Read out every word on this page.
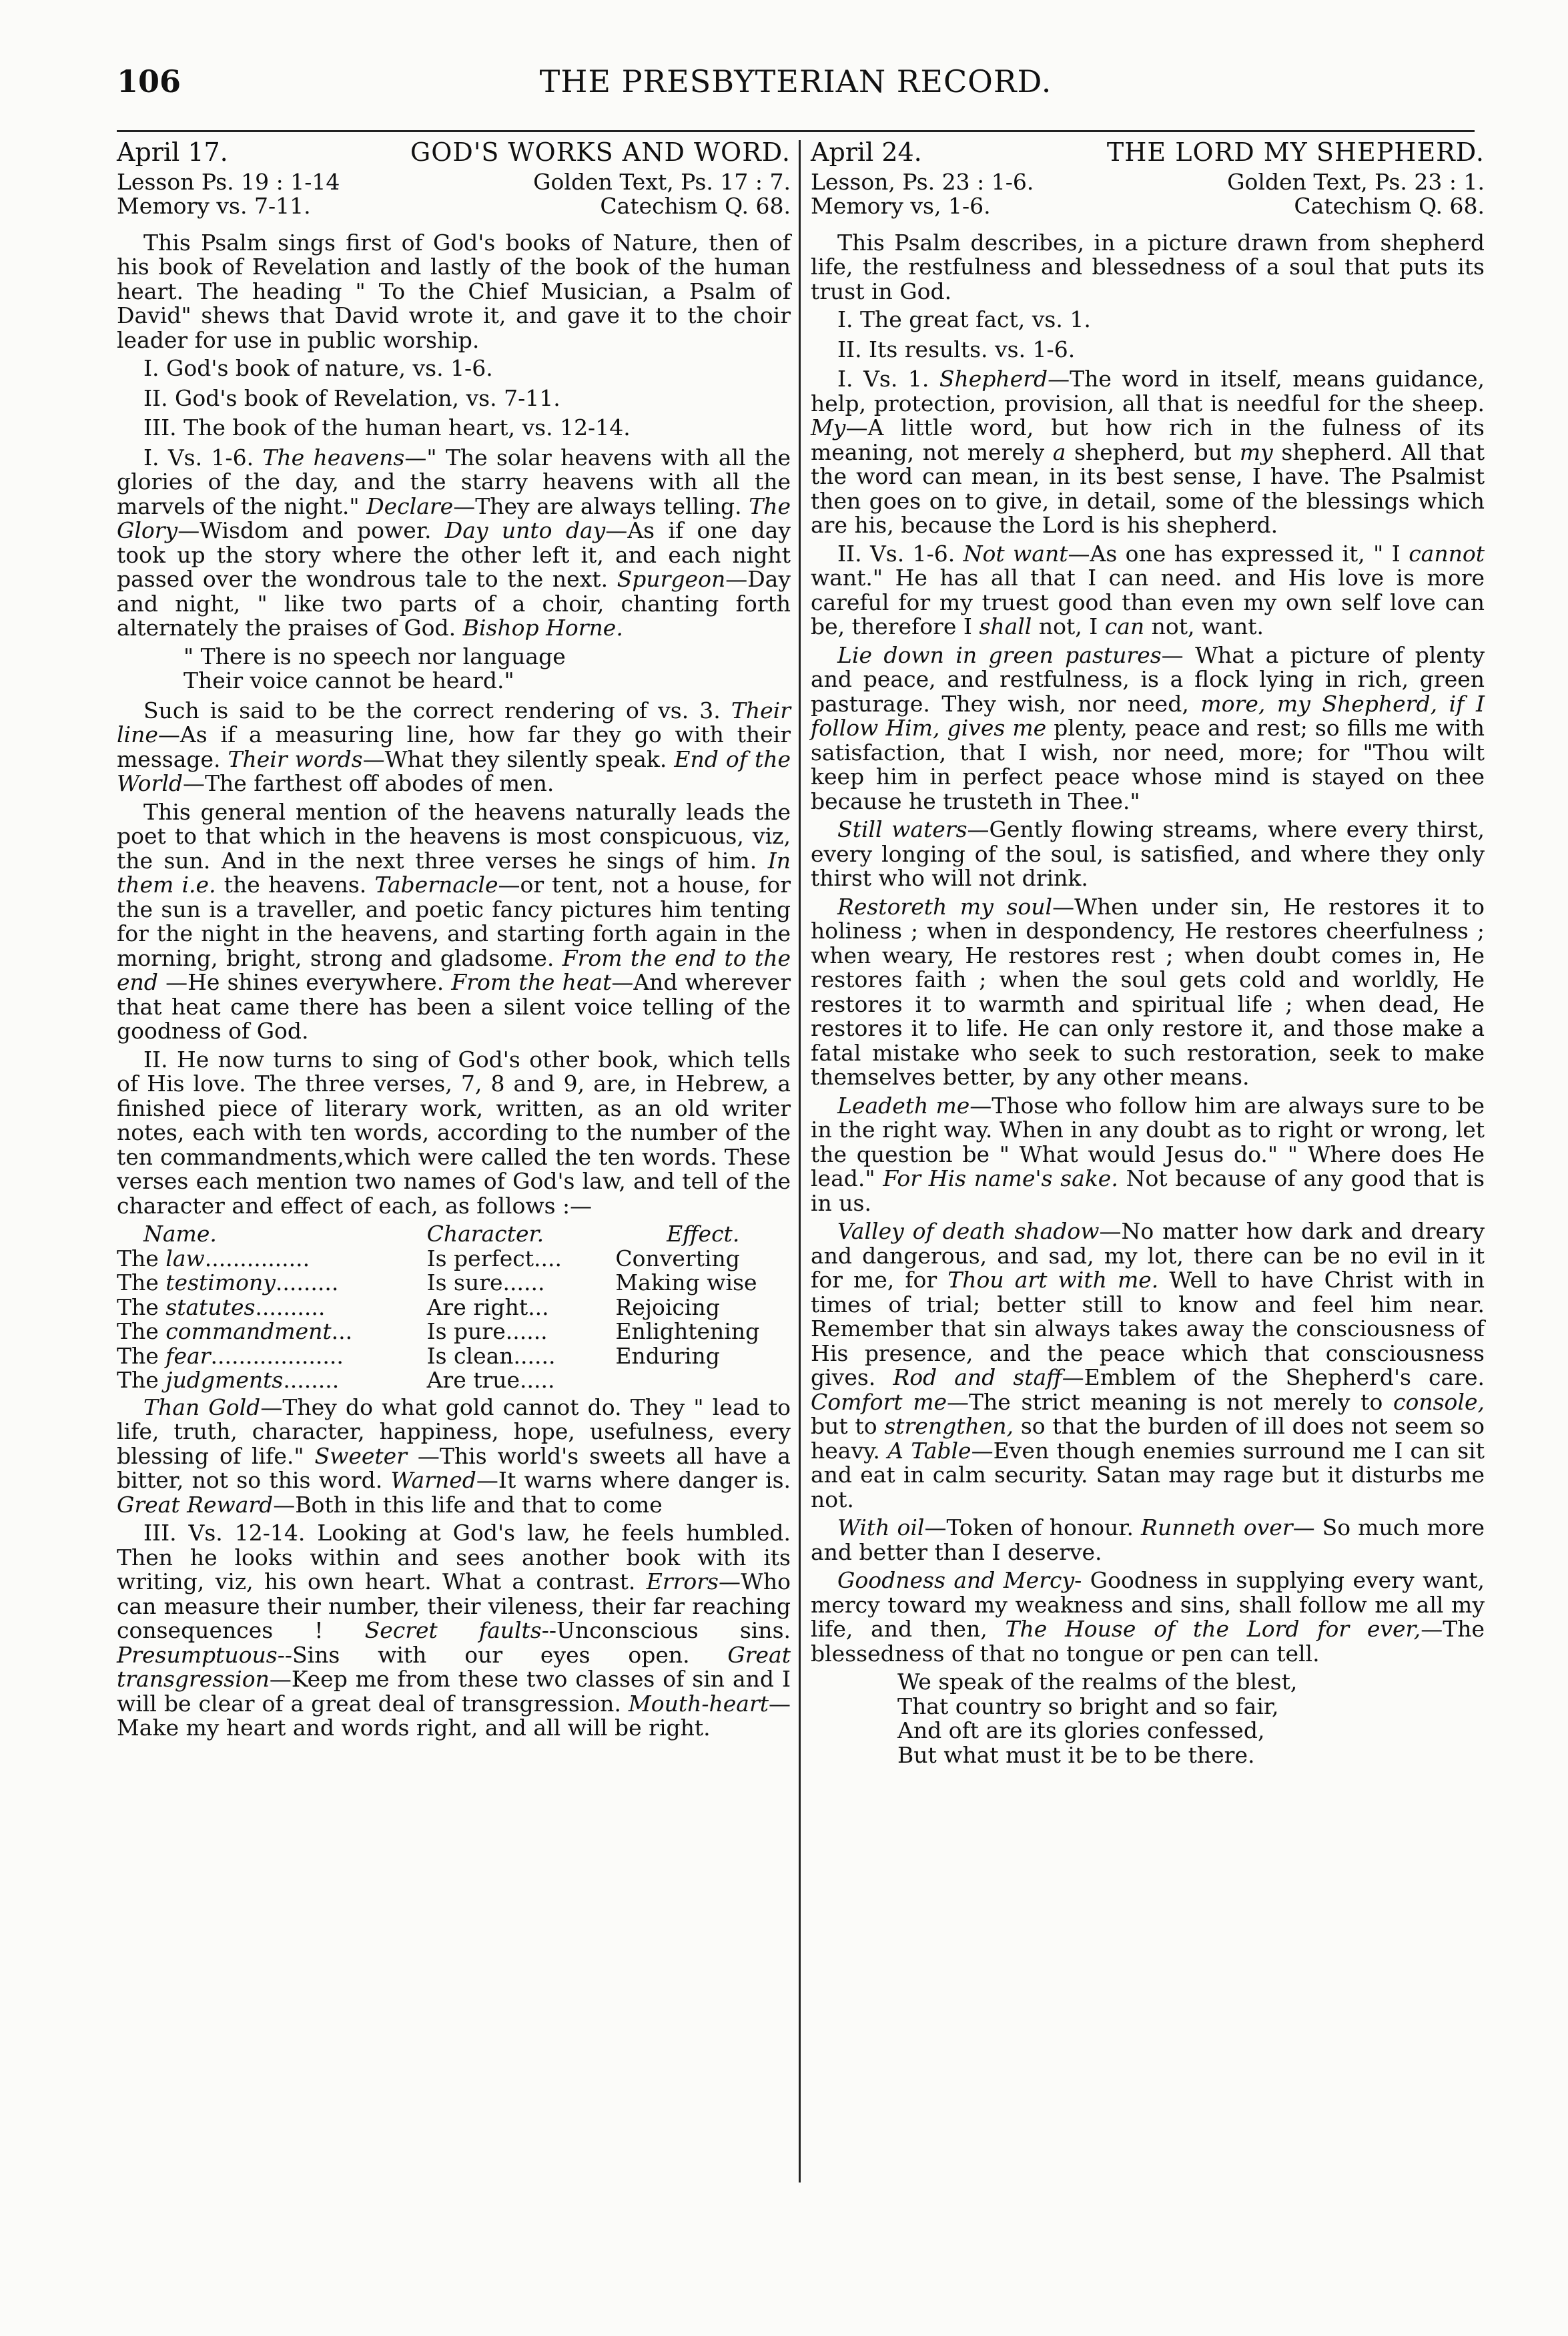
106	THE PRESBYTERIAN RECORD.
April 17.	GOD'S WORKS AND WORD.
Lesson Ps. 19 : 1-14	Golden Text, Ps. 17 : 7.
Memory vs. 7-11.	Catechism Q. 68.

This Psalm sings first of God's books of Nature, then of his book of Revelation and lastly of the book of the human heart. The heading " To the Chief Musician, a Psalm of David" shews that David wrote it, and gave it to the choir leader for use in public worship.

I. God's book of nature, vs. 1-6.

II. God's book of Revelation, vs. 7-11.

III. The book of the human heart, vs. 12-14.

I. Vs. 1-6. The heavens—" The solar heavens with all the glories of the day, and the starry heavens with all the marvels of the night." Declare—They are always telling. The Glory—Wisdom and power. Day unto day—As if one day took up the story where the other left it, and each night passed over the wondrous tale to the next. Spurgeon—Day and night, " like two parts of a choir, chanting forth alternately the praises of God. Bishop Horne.

" There is no speech nor language
Their voice cannot be heard."

Such is said to be the correct rendering of vs. 3. Their line—As if a measuring line, how far they go with their message. Their words—What they silently speak. End of the World—The farthest off abodes of men.

This general mention of the heavens naturally leads the poet to that which in the heavens is most conspicuous, viz, the sun. And in the next three verses he sings of him. In them i.e. the heavens. Tabernacle—or tent, not a house, for the sun is a traveller, and poetic fancy pictures him tenting for the night in the heavens, and starting forth again in the morning, bright, strong and gladsome. From the end to the end —He shines everywhere. From the heat—And wherever that heat came there has been a silent voice telling of the goodness of God.

II. He now turns to sing of God's other book, which tells of His love. The three verses, 7, 8 and 9, are, in Hebrew, a finished piece of literary work, written, as an old writer notes, each with ten words, according to the number of the ten commandments,which were called the ten words. These verses each mention two names of God's law, and tell of the character and effect of each, as follows :—

Name.	Character.	Effect.
The law...............	Is perfect....	Converting
The testimony.........	Is sure......	Making wise
The statutes..........	Are right...	Rejoicing
The commandment...	Is pure......	Enlightening
The fear...................	Is clean......	Enduring
The judgments........	Are true.....	

Than Gold—They do what gold cannot do. They " lead to life, truth, character, happiness, hope, usefulness, every blessing of life." Sweeter —This world's sweets all have a bitter, not so this word. Warned—It warns where danger is. Great Reward—Both in this life and that to come

III. Vs. 12-14. Looking at God's law, he feels humbled. Then he looks within and sees another book with its writing, viz, his own heart. What a contrast. Errors—Who can measure their number, their vileness, their far reaching consequences ! Secret faults--Unconscious sins. Presumptuous--Sins with our eyes open. Great transgression—Keep me from these two classes of sin and I will be clear of a great deal of transgression. Mouth-heart—Make my heart and words right, and all will be right.

April 24.	THE LORD MY SHEPHERD.
Lesson, Ps. 23 : 1-6.	Golden Text, Ps. 23 : 1.
Memory vs, 1-6.	Catechism Q. 68.

This Psalm describes, in a picture drawn from shepherd life, the restfulness and blessedness of a soul that puts its trust in God.

I. The great fact, vs. 1.

II. Its results. vs. 1-6.

I. Vs. 1. Shepherd—The word in itself, means guidance, help, protection, provision, all that is needful for the sheep. My—A little word, but how rich in the fulness of its meaning, not merely a shepherd, but my shepherd. All that the word can mean, in its best sense, I have. The Psalmist then goes on to give, in detail, some of the blessings which are his, because the Lord is his shepherd.

II. Vs. 1-6. Not want—As one has expressed it, " I cannot want." He has all that I can need. and His love is more careful for my truest good than even my own self love can be, therefore I shall not, I can not, want.

Lie down in green pastures— What a picture of plenty and peace, and restfulness, is a flock lying in rich, green pasturage. They wish, nor need, more, my Shepherd, if I follow Him, gives me plenty, peace and rest; so fills me with satisfaction, that I wish, nor need, more; for "Thou wilt keep him in perfect peace whose mind is stayed on thee because he trusteth in Thee."

Still waters—Gently flowing streams, where every thirst, every longing of the soul, is satisfied, and where they only thirst who will not drink.

Restoreth my soul—When under sin, He restores it to holiness ; when in despondency, He restores cheerfulness ; when weary, He restores rest ; when doubt comes in, He restores faith ; when the soul gets cold and worldly, He restores it to warmth and spiritual life ; when dead, He restores it to life. He can only restore it, and those make a fatal mistake who seek to such restoration, seek to make themselves better, by any other means.

Leadeth me—Those who follow him are always sure to be in the right way. When in any doubt as to right or wrong, let the question be " What would Jesus do." " Where does He lead." For His name's sake. Not because of any good that is in us.

Valley of death shadow—No matter how dark and dreary and dangerous, and sad, my lot, there can be no evil in it for me, for Thou art with me. Well to have Christ with in times of trial; better still to know and feel him near. Remember that sin always takes away the consciousness of His presence, and the peace which that consciousness gives. Rod and staff—Emblem of the Shepherd's care. Comfort me—The strict meaning is not merely to console, but to strengthen, so that the burden of ill does not seem so heavy. A Table—Even though enemies surround me I can sit and eat in calm security. Satan may rage but it disturbs me not.

With oil—Token of honour. Runneth over— So much more and better than I deserve.

Goodness and Mercy- Goodness in supplying every want, mercy toward my weakness and sins, shall follow me all my life, and then, The House of the Lord for ever,—The blessedness of that no tongue or pen can tell.

We speak of the realms of the blest,
That country so bright and so fair,
And oft are its glories confessed,
But what must it be to be there.
